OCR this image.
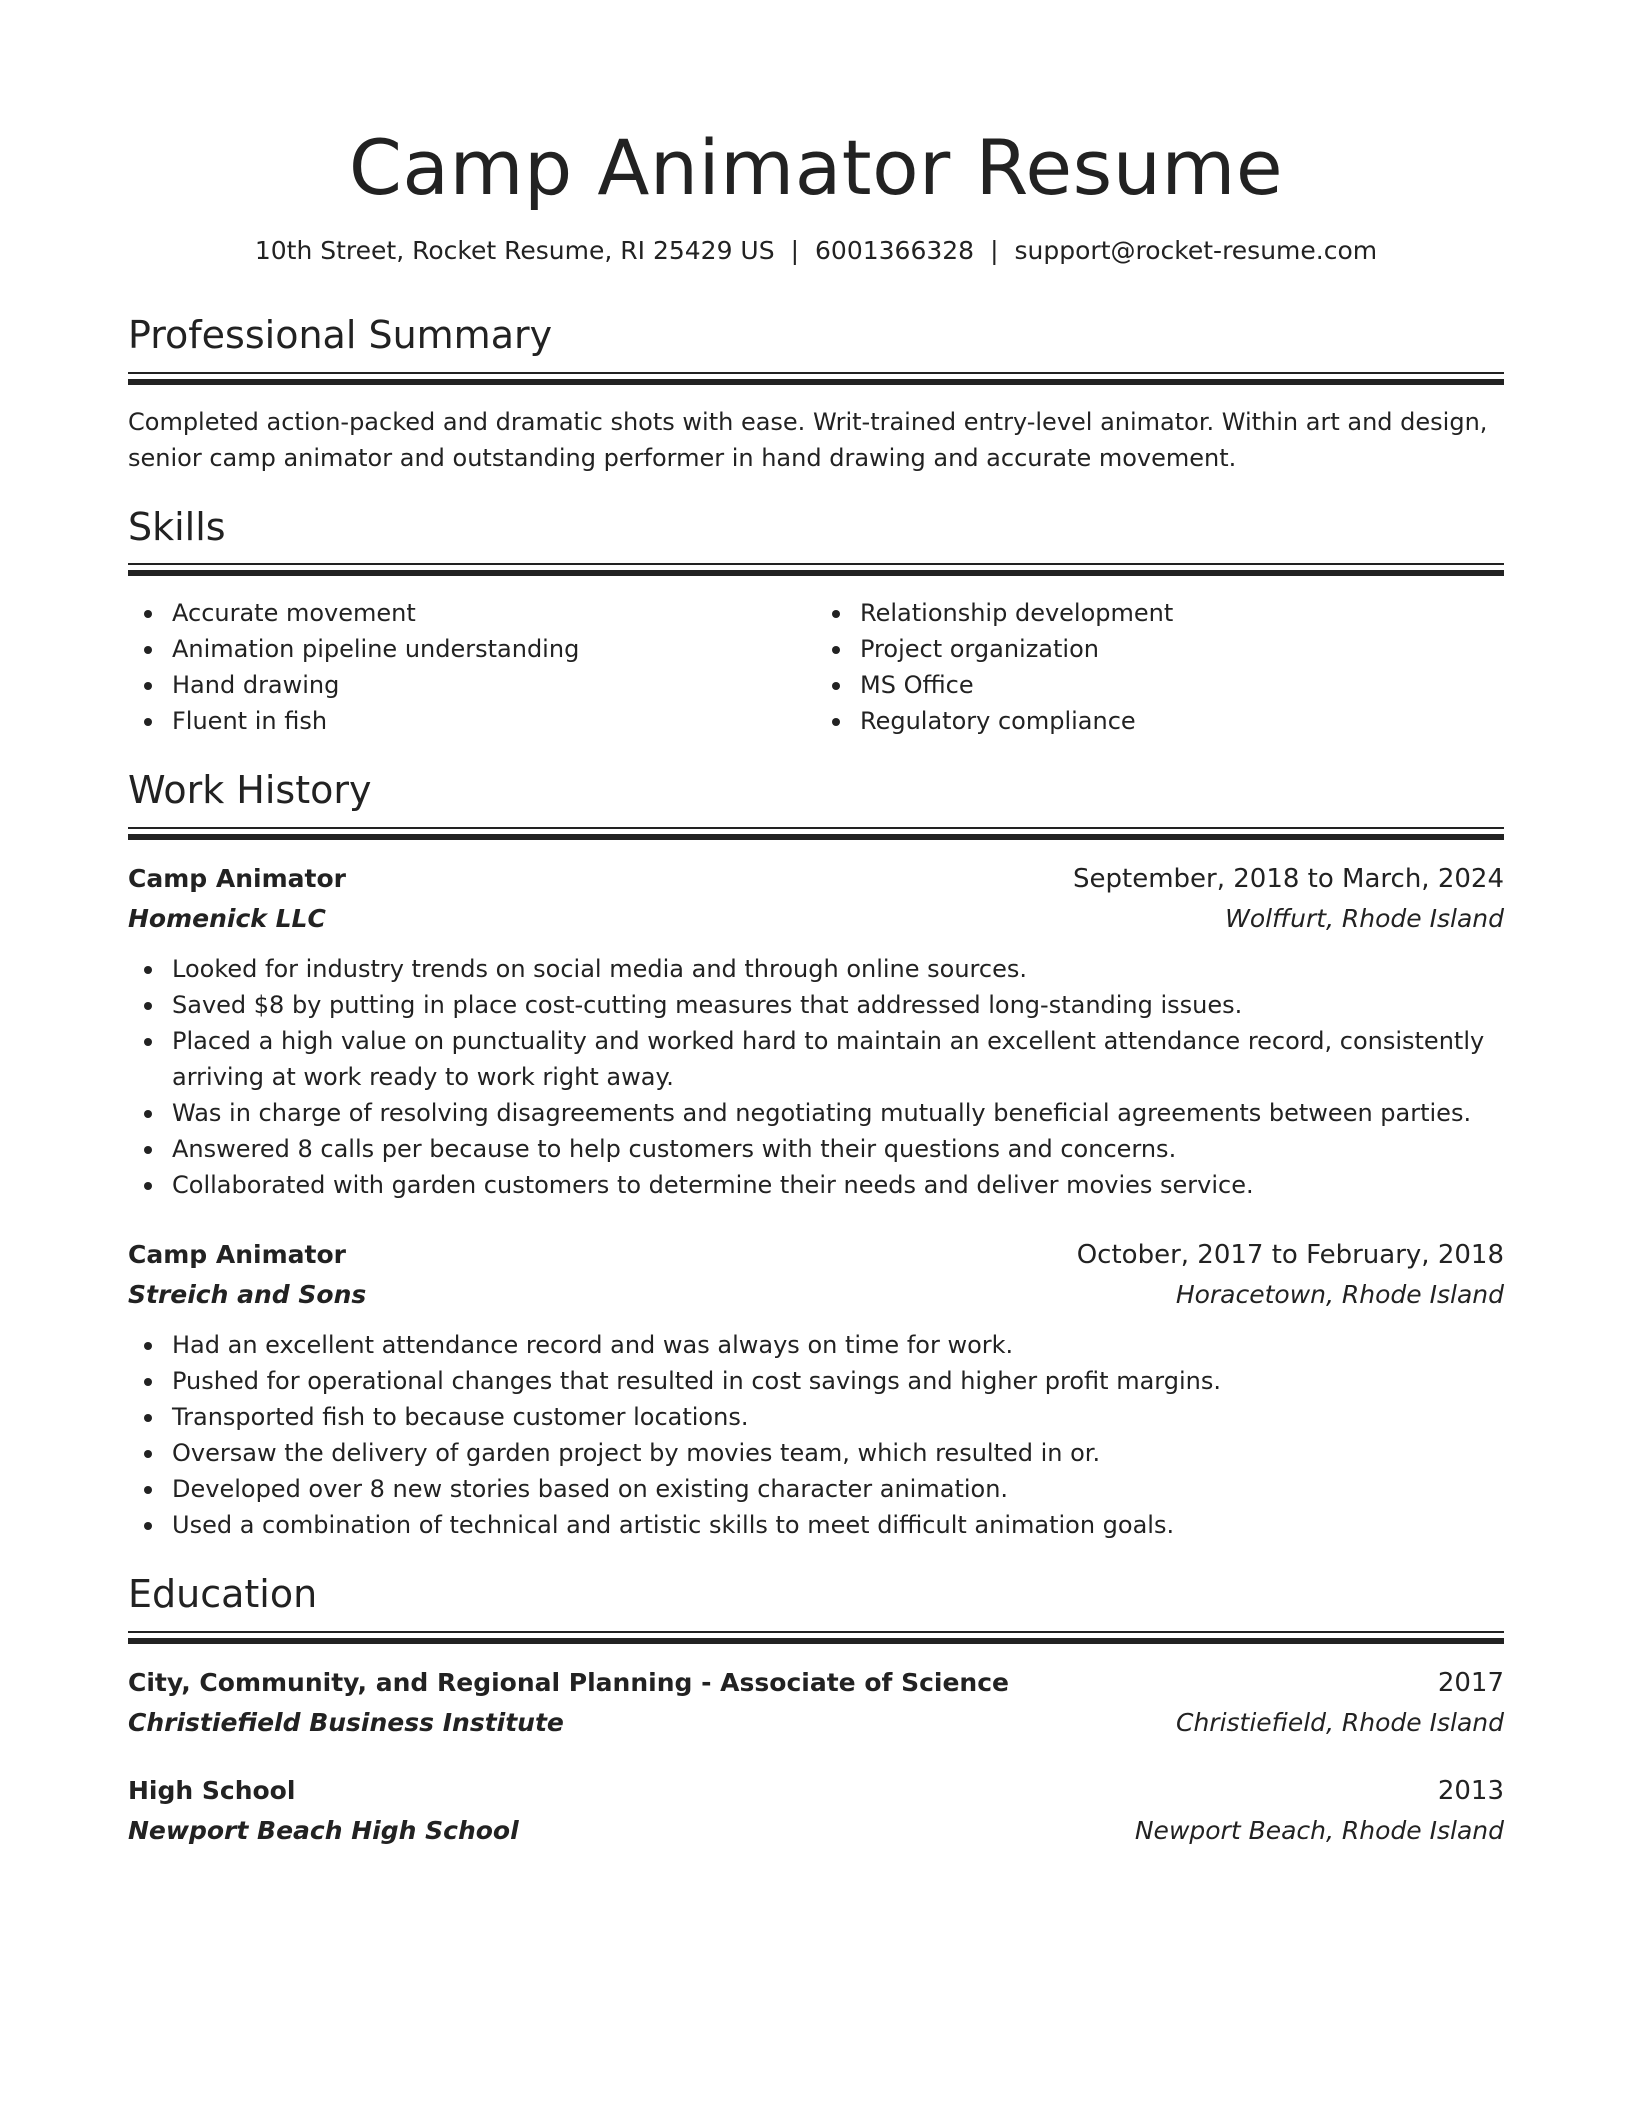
Camp Animator Resume
10th Street, Rocket Resume, RI 25429 US | 6001366328 | support@rocket-resume.com
Professional Summary

Completed action-packed and dramatic shots with ease. Writ-trained entry-level animator. Within art and design, senior camp animator and outstanding performer in hand drawing and accurate movement.

Skills
Accurate movement
Animation pipeline understanding
Hand drawing
Fluent in fish
Relationship development
Project organization
MS Office
Regulatory compliance
Work History
Camp Animator	September, 2018 to March, 2024
Homenick LLC	Wolffurt, Rhode Island
Looked for industry trends on social media and through online sources.
Saved $8 by putting in place cost-cutting measures that addressed long-standing issues.
Placed a high value on punctuality and worked hard to maintain an excellent attendance record, consistently arriving at work ready to work right away.
Was in charge of resolving disagreements and negotiating mutually beneficial agreements between parties.
Answered 8 calls per because to help customers with their questions and concerns.
Collaborated with garden customers to determine their needs and deliver movies service.
Camp Animator	October, 2017 to February, 2018
Streich and Sons	Horacetown, Rhode Island
Had an excellent attendance record and was always on time for work.
Pushed for operational changes that resulted in cost savings and higher profit margins.
Transported fish to because customer locations.
Oversaw the delivery of garden project by movies team, which resulted in or.
Developed over 8 new stories based on existing character animation.
Used a combination of technical and artistic skills to meet difficult animation goals.
Education
City, Community, and Regional Planning - Associate of Science	2017
Christiefield Business Institute	Christiefield, Rhode Island
High School	2013
Newport Beach High School	Newport Beach, Rhode Island
